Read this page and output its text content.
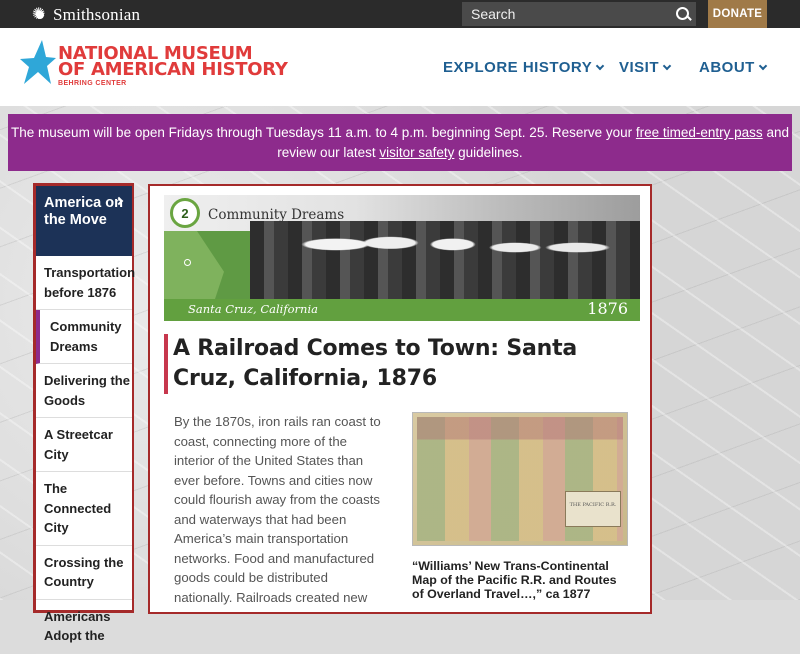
✺
Smithsonian
Search	DONATE
NATIONAL MUSEUM
OF AMERICAN HISTORY
BEHRING CENTER
EXPLORE HISTORY	VISIT	ABOUT
The museum will be open Fridays through Tuesdays 11 a.m. to 4 p.m. beginning Sept. 25. Reserve your free timed-entry pass and review our latest visitor safety guidelines.
America on the Move
Transportation before 1876
Community Dreams
Delivering the Goods
A Streetcar City
The Connected City
Crossing the Country
Americans Adopt the
2	Community Dreams
Santa Cruz, California	1876
A Railroad Comes to Town: Santa Cruz, California, 1876

By the 1870s, iron rails ran coast to coast, connecting more of the interior of the United States than ever before. Towns and cities now could flourish away from the coasts and waterways that had been America’s main transportation networks. Food and manufactured goods could be distributed nationally. Railroads created new

THE PACIFIC R.R.
“Williams’ New Trans-Continental Map of the Pacific R.R. and Routes of Overland Travel…,” ca 1877
